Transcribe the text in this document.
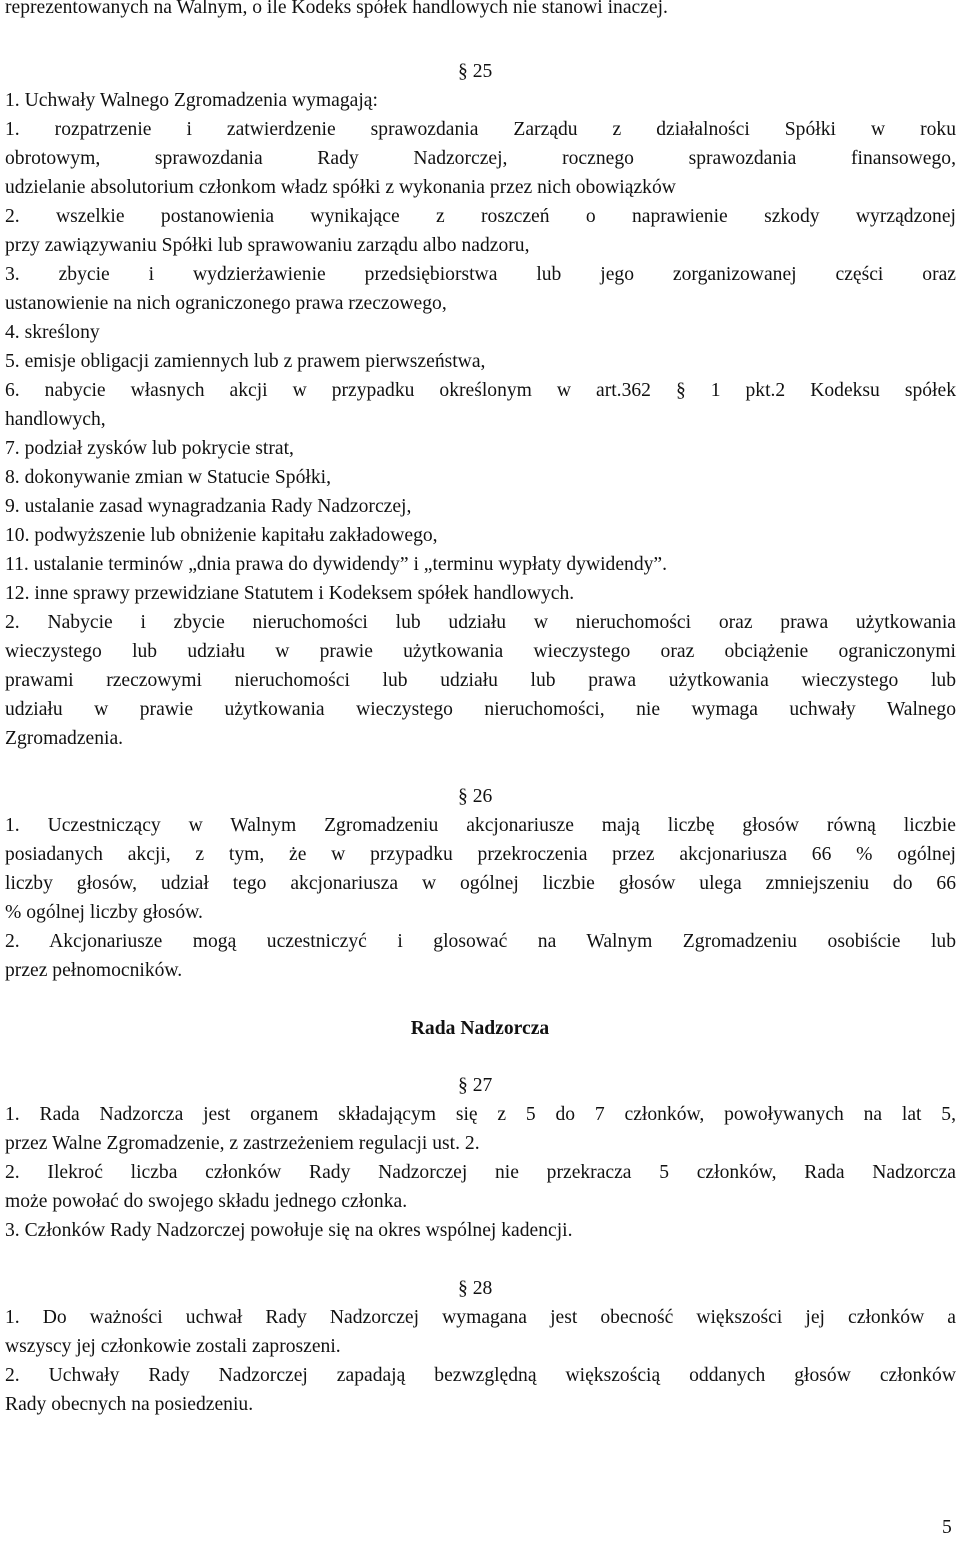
reprezentowanych na Walnym, o ile Kodeks spółek handlowych nie stanowi inaczej.
§ 25
1. Uchwały Walnego Zgromadzenia wymagają:
1. rozpatrzenie i zatwierdzenie sprawozdania Zarządu z działalności Spółki w roku
obrotowym, sprawozdania Rady Nadzorczej, rocznego sprawozdania finansowego,
udzielanie absolutorium członkom władz spółki z wykonania przez nich obowiązków
2. wszelkie postanowienia wynikające z roszczeń o naprawienie szkody wyrządzonej
przy zawiązywaniu Spółki lub sprawowaniu zarządu albo nadzoru,
3. zbycie i wydzierżawienie przedsiębiorstwa lub jego zorganizowanej części oraz
ustanowienie na nich ograniczonego prawa rzeczowego,
4. skreślony
5. emisje obligacji zamiennych lub z prawem pierwszeństwa,
6. nabycie własnych akcji w przypadku określonym w art.362 § 1 pkt.2 Kodeksu spółek
handlowych,
7. podział zysków lub pokrycie strat,
8. dokonywanie zmian w Statucie Spółki,
9. ustalanie zasad wynagradzania Rady Nadzorczej,
10. podwyższenie lub obniżenie kapitału zakładowego,
11. ustalanie terminów „dnia prawa do dywidendy” i „terminu wypłaty dywidendy”.
12. inne sprawy przewidziane Statutem i Kodeksem spółek handlowych.
2. Nabycie i zbycie nieruchomości lub udziału w nieruchomości oraz prawa użytkowania
wieczystego lub udziału w prawie użytkowania wieczystego oraz obciążenie ograniczonymi
prawami rzeczowymi nieruchomości lub udziału lub prawa użytkowania wieczystego lub
udziału w prawie użytkowania wieczystego nieruchomości, nie wymaga uchwały Walnego
Zgromadzenia.
§ 26
1. Uczestniczący w Walnym Zgromadzeniu akcjonariusze mają liczbę głosów równą liczbie
posiadanych akcji, z tym, że w przypadku przekroczenia przez akcjonariusza 66 % ogólnej
liczby głosów, udział tego akcjonariusza w ogólnej liczbie głosów ulega zmniejszeniu do 66
% ogólnej liczby głosów.
2. Akcjonariusze mogą uczestniczyć i glosować na Walnym Zgromadzeniu osobiście lub
przez pełnomocników.
Rada Nadzorcza
§ 27
1. Rada Nadzorcza jest organem składającym się z 5 do 7 członków, powoływanych na lat 5,
przez Walne Zgromadzenie, z zastrzeżeniem regulacji ust. 2.
2. Ilekroć liczba członków Rady Nadzorczej nie przekracza 5 członków, Rada Nadzorcza
może powołać do swojego składu jednego członka.
3. Członków Rady Nadzorczej powołuje się na okres wspólnej kadencji.
§ 28
1. Do ważności uchwał Rady Nadzorczej wymagana jest obecność większości jej członków a
wszyscy jej członkowie zostali zaproszeni.
2. Uchwały Rady Nadzorczej zapadają bezwzględną większością oddanych głosów członków
Rady obecnych na posiedzeniu.
5
